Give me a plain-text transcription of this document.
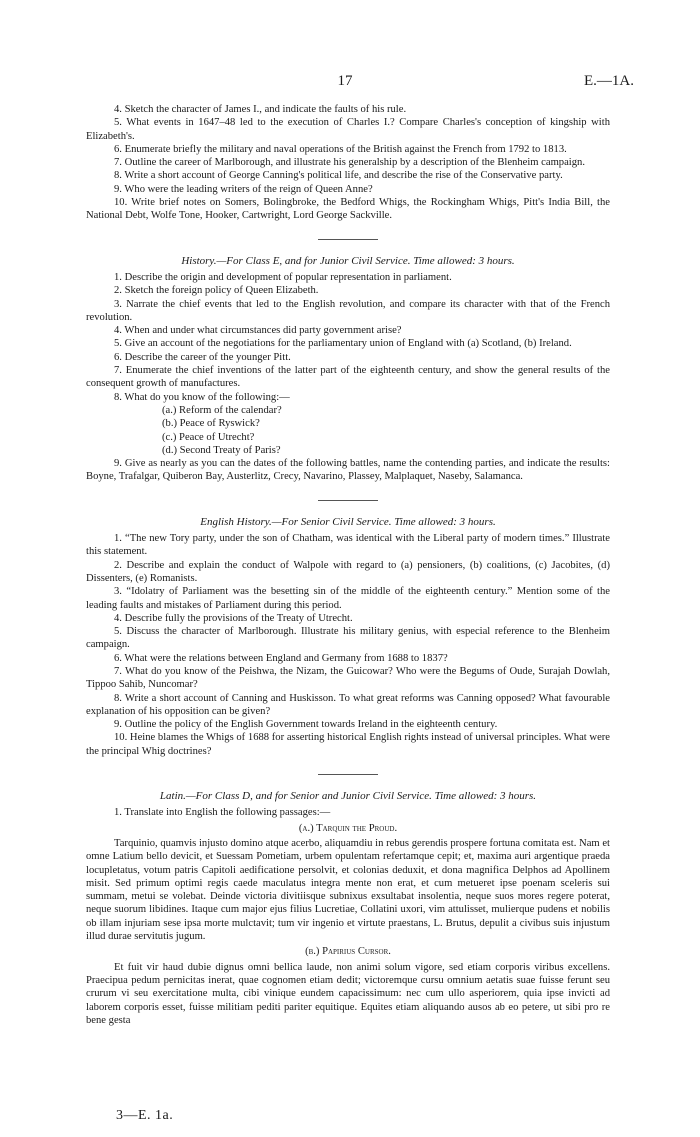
17	E.—1A.

4. Sketch the character of James I., and indicate the faults of his rule.

5. What events in 1647–48 led to the execution of Charles I.? Compare Charles's conception of kingship with Elizabeth's.

6. Enumerate briefly the military and naval operations of the British against the French from 1792 to 1813.

7. Outline the career of Marlborough, and illustrate his generalship by a description of the Blenheim campaign.

8. Write a short account of George Canning's political life, and describe the rise of the Conservative party.

9. Who were the leading writers of the reign of Queen Anne?

10. Write brief notes on Somers, Bolingbroke, the Bedford Whigs, the Rockingham Whigs, Pitt's India Bill, the National Debt, Wolfe Tone, Hooker, Cartwright, Lord George Sackville.

History.—For Class E, and for Junior Civil Service. Time allowed: 3 hours.

1. Describe the origin and development of popular representation in parliament.

2. Sketch the foreign policy of Queen Elizabeth.

3. Narrate the chief events that led to the English revolution, and compare its character with that of the French revolution.

4. When and under what circumstances did party government arise?

5. Give an account of the negotiations for the parliamentary union of England with (a) Scotland, (b) Ireland.

6. Describe the career of the younger Pitt.

7. Enumerate the chief inventions of the latter part of the eighteenth century, and show the general results of the consequent growth of manufactures.

8. What do you know of the following:—

(a.) Reform of the calendar?

(b.) Peace of Ryswick?

(c.) Peace of Utrecht?

(d.) Second Treaty of Paris?

9. Give as nearly as you can the dates of the following battles, name the contending parties, and indicate the results: Boyne, Trafalgar, Quiberon Bay, Austerlitz, Crecy, Navarino, Plassey, Malplaquet, Naseby, Salamanca.

English History.—For Senior Civil Service. Time allowed: 3 hours.

1. “The new Tory party, under the son of Chatham, was identical with the Liberal party of modern times.” Illustrate this statement.

2. Describe and explain the conduct of Walpole with regard to (a) pensioners, (b) coalitions, (c) Jacobites, (d) Dissenters, (e) Romanists.

3. “Idolatry of Parliament was the besetting sin of the middle of the eighteenth century.” Mention some of the leading faults and mistakes of Parliament during this period.

4. Describe fully the provisions of the Treaty of Utrecht.

5. Discuss the character of Marlborough. Illustrate his military genius, with especial reference to the Blenheim campaign.

6. What were the relations between England and Germany from 1688 to 1837?

7. What do you know of the Peishwa, the Nizam, the Guicowar? Who were the Begums of Oude, Surajah Dowlah, Tippoo Sahib, Nuncomar?

8. Write a short account of Canning and Huskisson. To what great reforms was Canning opposed? What favourable explanation of his opposition can be given?

9. Outline the policy of the English Government towards Ireland in the eighteenth century.

10. Heine blames the Whigs of 1688 for asserting historical English rights instead of universal principles. What were the principal Whig doctrines?

Latin.—For Class D, and for Senior and Junior Civil Service. Time allowed: 3 hours.

1. Translate into English the following passages:—

(a.) Tarquin the Proud.

Tarquinio, quamvis injusto domino atque acerbo, aliquamdiu in rebus gerendis prospere fortuna comitata est. Nam et omne Latium bello devicit, et Suessam Pometiam, urbem opulentam refertamque cepit; et, maxima auri argentique praeda locupletatus, votum patris Capitoli aedificatione persolvit, et colonias deduxit, et dona magnifica Delphos ad Apollinem misit. Sed primum optimi regis caede maculatus integra mente non erat, et cum metueret ipse poenam sceleris sui summam, metui se volebat. Deinde victoria divitiisque subnixus exsultabat insolentia, neque suos mores regere poterat, neque suorum libidines. Itaque cum major ejus filius Lucretiae, Collatini uxori, vim attulisset, mulierque pudens et nobilis ob illam injuriam sese ipsa morte mulctavit; tum vir ingenio et virtute praestans, L. Brutus, depulit a civibus suis injustum illud durae servitutis jugum.

(b.) Papirius Cursor.

Et fuit vir haud dubie dignus omni bellica laude, non animi solum vigore, sed etiam corporis viribus excellens. Praecipua pedum pernicitas inerat, quae cognomen etiam dedit; victoremque cursu omnium aetatis suae fuisse ferunt seu crurum vi seu exercitatione multa, cibi vinique eundem capacissimum: nec cum ullo asperiorem, quia ipse invicti ad laborem corporis esset, fuisse militiam pediti pariter equitique. Equites etiam aliquando ausos ab eo petere, ut sibi pro re bene gesta

3—E. 1a.
